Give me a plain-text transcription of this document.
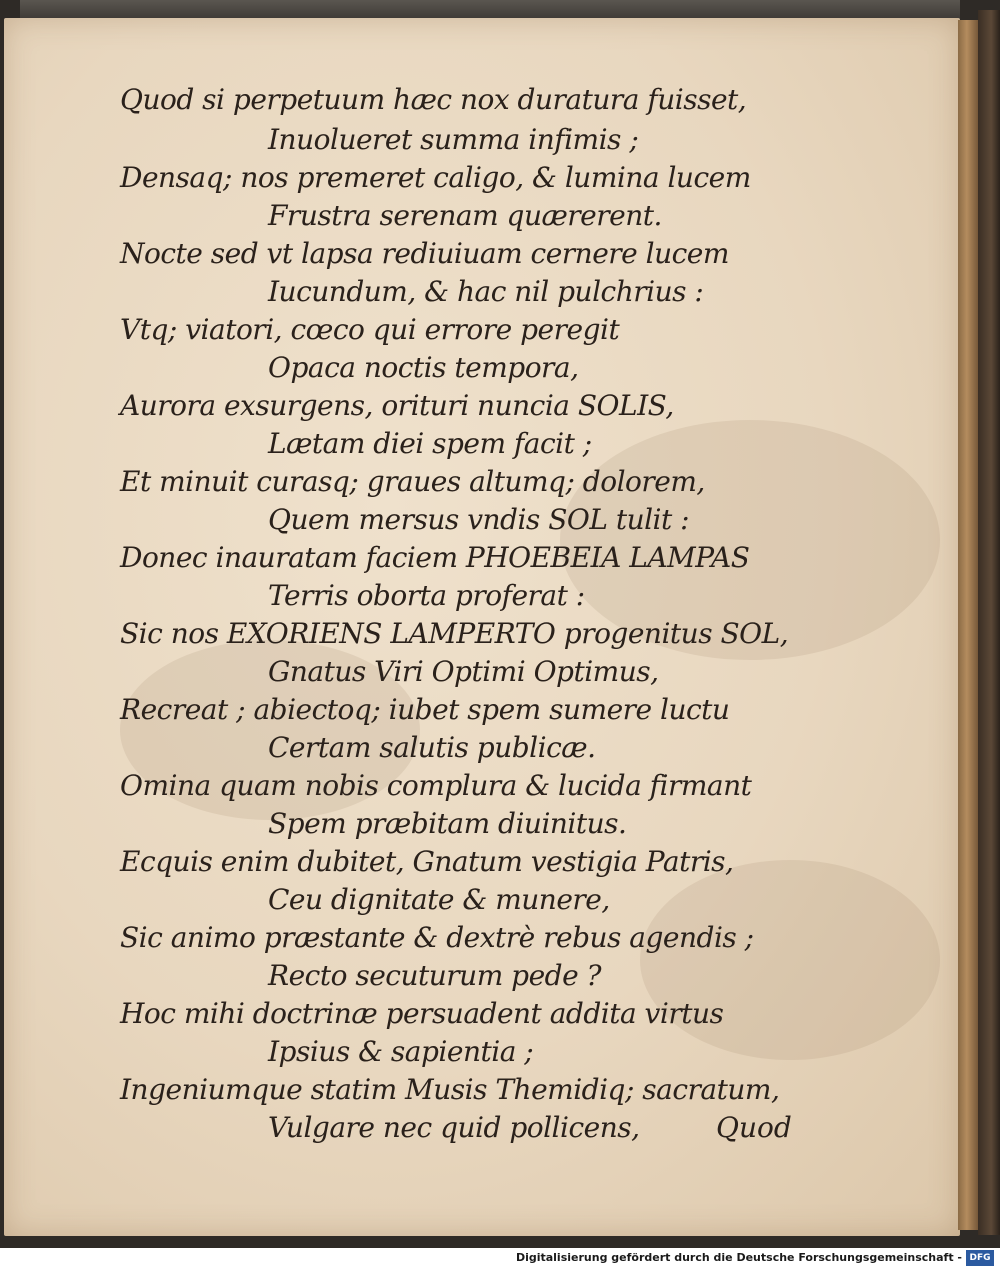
Quod si perpetuum hæc nox duratura fuisset,
Inuolueret summa infimis ;
Densaq; nos premeret caligo, & lumina lucem
Frustra serenam quærerent.
Nocte sed vt lapsa rediuiuam cernere lucem
Iucundum, & hac nil pulchrius :
Vtq; viatori, cœco qui errore peregit
Opaca noctis tempora,
Aurora exsurgens, orituri nuncia SOLIS,
Lætam diei spem facit ;
Et minuit curasq; graues altumq; dolorem,
Quem mersus vndis SOL tulit :
Donec inauratam faciem PHOEBEIA LAMPAS
Terris oborta proferat :
Sic nos EXORIENS LAMPERTO progenitus SOL,
Gnatus Viri Optimi Optimus,
Recreat ; abiectoq; iubet spem sumere luctu
Certam salutis publicæ.
Omina quam nobis complura & lucida firmant
Spem præbitam diuinitus.
Ecquis enim dubitet, Gnatum vestigia Patris,
Ceu dignitate & munere,
Sic animo præstante & dextrè rebus agendis ;
Recto secuturum pede ?
Hoc mihi doctrinæ persuadent addita virtus
Ipsius & sapientia ;
Ingeniumque statim Musis Themidiq; sacratum,
Vulgare nec quid pollicens,	Quod
Digitalisierung gefördert durch die Deutsche Forschungsgemeinschaft - DFG
